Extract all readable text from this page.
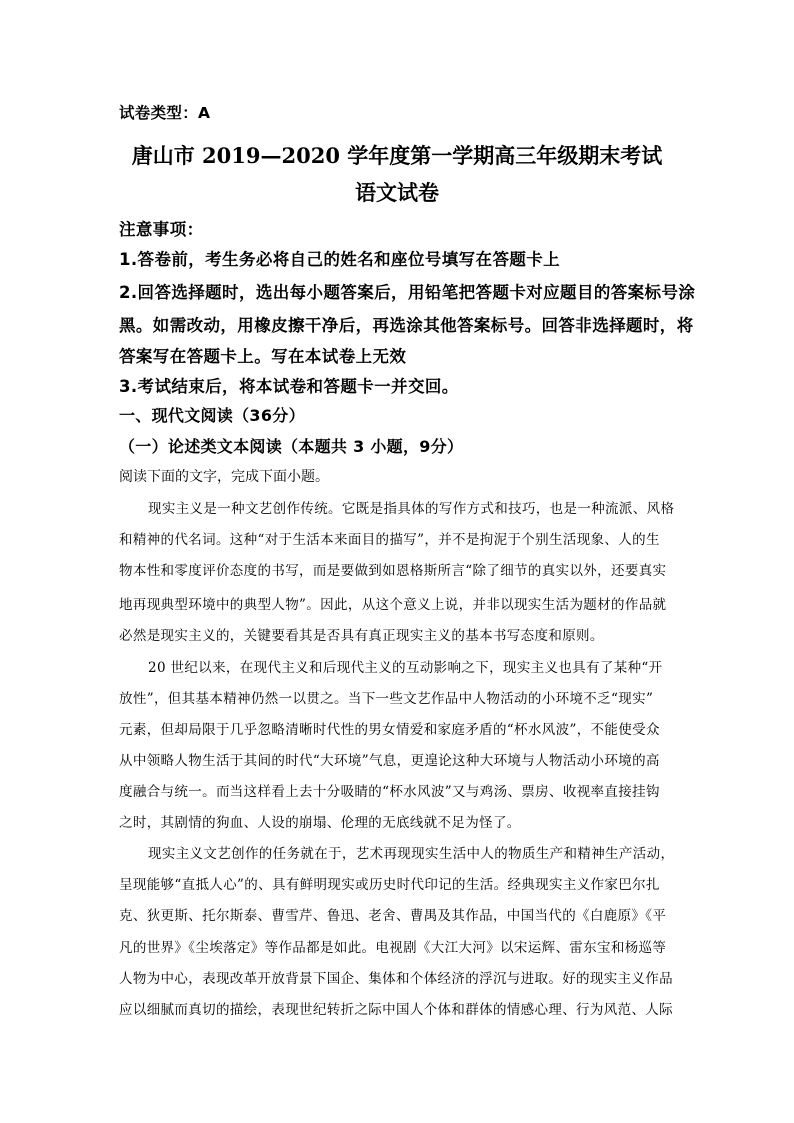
试卷类型：A
唐山市 2019—2020 学年度第一学期高三年级期末考试
语文试卷
注意事项：
1.答卷前，考生务必将自己的姓名和座位号填写在答题卡上
2.回答选择题时，选出每小题答案后，用铅笔把答题卡对应题目的答案标号涂
黑。如需改动，用橡皮擦干净后，再选涂其他答案标号。回答非选择题时，将
答案写在答题卡上。写在本试卷上无效
3.考试结束后，将本试卷和答题卡一并交回。
一、现代文阅读（36分）
（一）论述类文本阅读（本题共 3 小题，9分）
阅读下面的文字，完成下面小题。
现实主义是一种文艺创作传统。它既是指具体的写作方式和技巧，也是一种流派、风格
和精神的代名词。这种“对于生活本来面目的描写”，并不是拘泥于个别生活现象、人的生
物本性和零度评价态度的书写，而是要做到如恩格斯所言“除了细节的真实以外，还要真实
地再现典型环境中的典型人物”。因此，从这个意义上说，并非以现实生活为题材的作品就
必然是现实主义的，关键要看其是否具有真正现实主义的基本书写态度和原则。
20 世纪以来，在现代主义和后现代主义的互动影响之下，现实主义也具有了某种“开
放性”，但其基本精神仍然一以贯之。当下一些文艺作品中人物活动的小环境不乏“现实”
元素，但却局限于几乎忽略清晰时代性的男女情爱和家庭矛盾的“杯水风波”，不能使受众
从中领略人物生活于其间的时代“大环境”气息，更遑论这种大环境与人物活动小环境的高
度融合与统一。而当这样看上去十分吸睛的“杯水风波”又与鸡汤、票房、收视率直接挂钩
之时，其剧情的狗血、人设的崩塌、伦理的无底线就不足为怪了。
现实主义文艺创作的任务就在于，艺术再现现实生活中人的物质生产和精神生产活动，
呈现能够“直抵人心”的、具有鲜明现实或历史时代印记的生活。经典现实主义作家巴尔扎
克、狄更斯、托尔斯泰、曹雪芹、鲁迅、老舍、曹禺及其作品，中国当代的《白鹿原》《平
凡的世界》《尘埃落定》等作品都是如此。电视剧《大江大河》以宋运辉、雷东宝和杨巡等
人物为中心，表现改革开放背景下国企、集体和个体经济的浮沉与进取。好的现实主义作品
应以细腻而真切的描绘，表现世纪转折之际中国人个体和群体的情感心理、行为风范、人际
